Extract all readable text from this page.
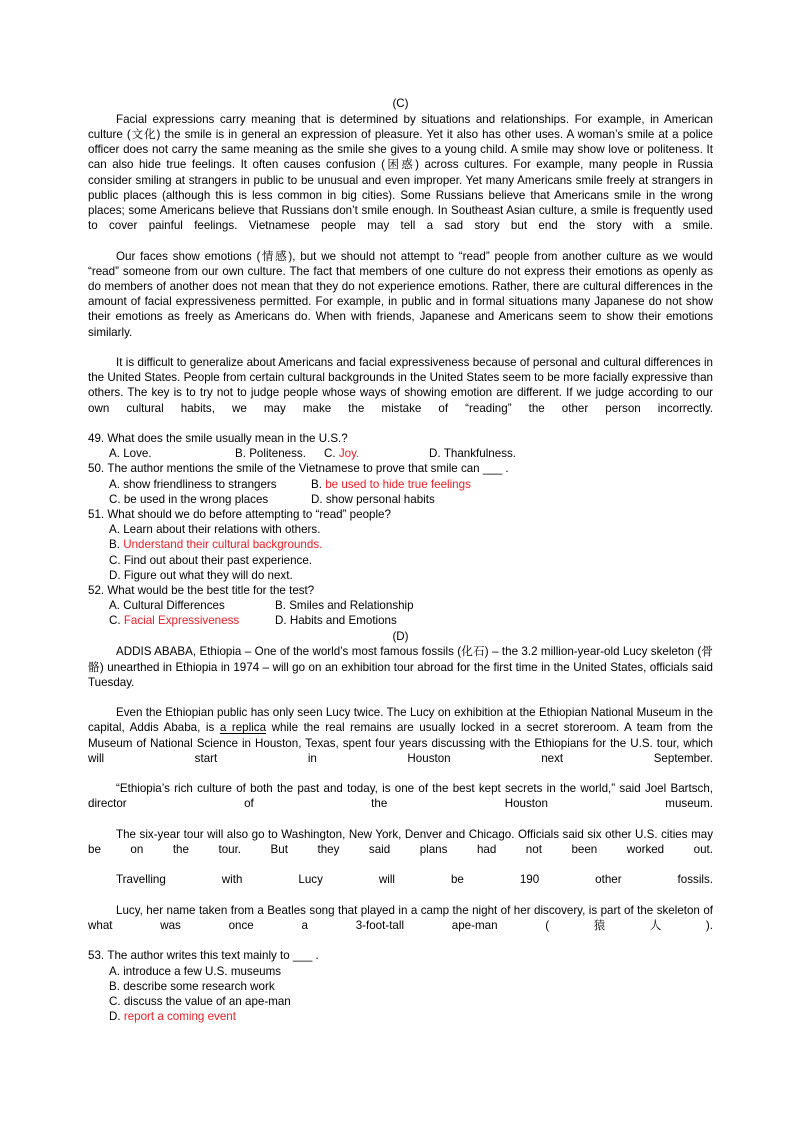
(C)

Facial expressions carry meaning that is determined by situations and relationships. For example, in American culture (文化) the smile is in general an expression of pleasure. Yet it also has other uses. A woman’s smile at a police officer does not carry the same meaning as the smile she gives to a young child. A smile may show love or politeness. It can also hide true feelings. It often causes confusion (困惑) across cultures. For example, many people in Russia consider smiling at strangers in public to be unusual and even improper. Yet many Americans smile freely at strangers in public places (although this is less common in big cities). Some Russians believe that Americans smile in the wrong places; some Americans believe that Russians don’t smile enough. In Southeast Asian culture, a smile is frequently used to cover painful feelings. Vietnamese people may tell a sad story but end the story with a smile.

Our faces show emotions (情感), but we should not attempt to “read” people from another culture as we would “read” someone from our own culture. The fact that members of one culture do not express their emotions as openly as do members of another does not mean that they do not experience emotions. Rather, there are cultural differences in the amount of facial expressiveness permitted. For example, in public and in formal situations many Japanese do not show their emotions as freely as Americans do. When with friends, Japanese and Americans seem to show their emotions similarly.

It is difficult to generalize about Americans and facial expressiveness because of personal and cultural differences in the United States. People from certain cultural backgrounds in the United States seem to be more facially expressive than others. The key is to try not to judge people whose ways of showing emotion are different. If we judge according to our own cultural habits, we may make the mistake of “reading” the other person incorrectly.

49. What does the smile usually mean in the U.S.?
A. Love.	B. Politeness. C. Joy.	D. Thankfulness.
50. The author mentions the smile of the Vietnamese to prove that smile can ___ .
A. show friendliness to strangers	B. be used to hide true feelings
C. be used in the wrong places	D. show personal habits
51. What should we do before attempting to “read” people?
A. Learn about their relations with others.
B. Understand their cultural backgrounds.
C. Find out about their past experience.
D. Figure out what they will do next.
52. What would be the best title for the test?
A. Cultural Differences	B. Smiles and Relationship
C. Facial Expressiveness	D. Habits and Emotions
(D)

ADDIS ABABA, Ethiopia – One of the world’s most famous fossils (化石) – the 3.2 million-year-old Lucy skeleton (骨骼) unearthed in Ethiopia in 1974 – will go on an exhibition tour abroad for the first time in the United States, officials said Tuesday.

Even the Ethiopian public has only seen Lucy twice. The Lucy on exhibition at the Ethiopian National Museum in the capital, Addis Ababa, is a replica while the real remains are usually locked in a secret storeroom. A team from the Museum of National Science in Houston, Texas, spent four years discussing with the Ethiopians for the U.S. tour, which will start in Houston next September.

“Ethiopia’s rich culture of both the past and today, is one of the best kept secrets in the world,” said Joel Bartsch, director of the Houston museum.

The six-year tour will also go to Washington, New York, Denver and Chicago. Officials said six other U.S. cities may be on the tour. But they said plans had not been worked out.

Travelling with Lucy will be 190 other fossils.

Lucy, her name taken from a Beatles song that played in a camp the night of her discovery, is part of the skeleton of what was once a 3-foot-tall ape-man (猿人).

53. The author writes this text mainly to ___ .
A. introduce a few U.S. museums
B. describe some research work
C. discuss the value of an ape-man
D. report a coming event
